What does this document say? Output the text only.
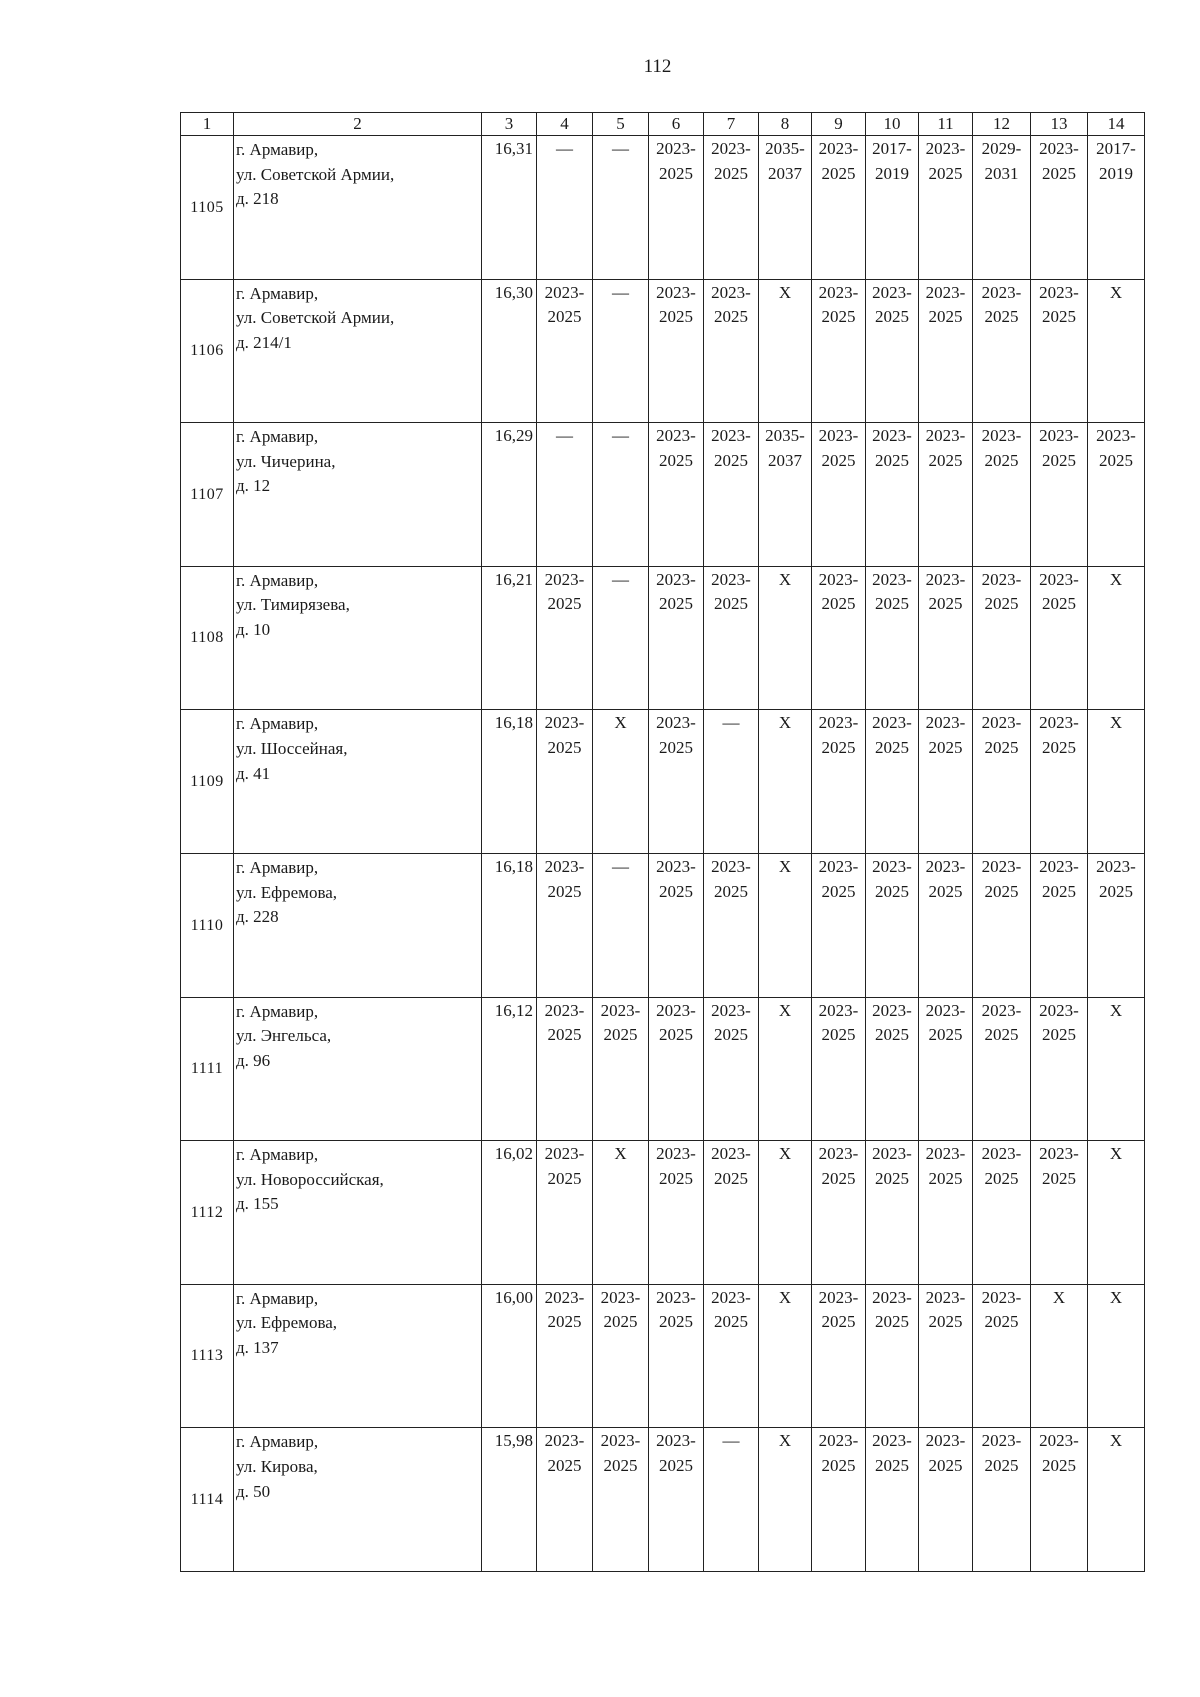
112
1	2	3	4	5	6	7	8	9	10	11	12	13	14
1105	г. Армавир,
ул. Советской Армии,
д. 218	16,31	—	—	2023-
2025	2023-
2025	2035-
2037	2023-
2025	2017-
2019	2023-
2025	2029-
2031	2023-
2025	2017-
2019

1106	г. Армавир,
ул. Советской Армии,
д. 214/1	16,30	2023-
2025	—	2023-
2025	2023-
2025	X	2023-
2025	2023-
2025	2023-
2025	2023-
2025	2023-
2025	X

1107	г. Армавир,
ул. Чичерина,
д. 12	16,29	—	—	2023-
2025	2023-
2025	2035-
2037	2023-
2025	2023-
2025	2023-
2025	2023-
2025	2023-
2025	2023-
2025

1108	г. Армавир,
ул. Тимирязева,
д. 10	16,21	2023-
2025	—	2023-
2025	2023-
2025	X	2023-
2025	2023-
2025	2023-
2025	2023-
2025	2023-
2025	X

1109	г. Армавир,
ул. Шоссейная,
д. 41	16,18	2023-
2025	X	2023-
2025	—	X	2023-
2025	2023-
2025	2023-
2025	2023-
2025	2023-
2025	X

1110	г. Армавир,
ул. Ефремова,
д. 228	16,18	2023-
2025	—	2023-
2025	2023-
2025	X	2023-
2025	2023-
2025	2023-
2025	2023-
2025	2023-
2025	2023-
2025

1111	г. Армавир,
ул. Энгельса,
д. 96	16,12	2023-
2025	2023-
2025	2023-
2025	2023-
2025	X	2023-
2025	2023-
2025	2023-
2025	2023-
2025	2023-
2025	X

1112	г. Армавир,
ул. Новороссийская,
д. 155	16,02	2023-
2025	X	2023-
2025	2023-
2025	X	2023-
2025	2023-
2025	2023-
2025	2023-
2025	2023-
2025	X

1113	г. Армавир,
ул. Ефремова,
д. 137	16,00	2023-
2025	2023-
2025	2023-
2025	2023-
2025	X	2023-
2025	2023-
2025	2023-
2025	2023-
2025	X	X

1114	г. Армавир,
ул. Кирова,
д. 50	15,98	2023-
2025	2023-
2025	2023-
2025	—	X	2023-
2025	2023-
2025	2023-
2025	2023-
2025	2023-
2025	X
